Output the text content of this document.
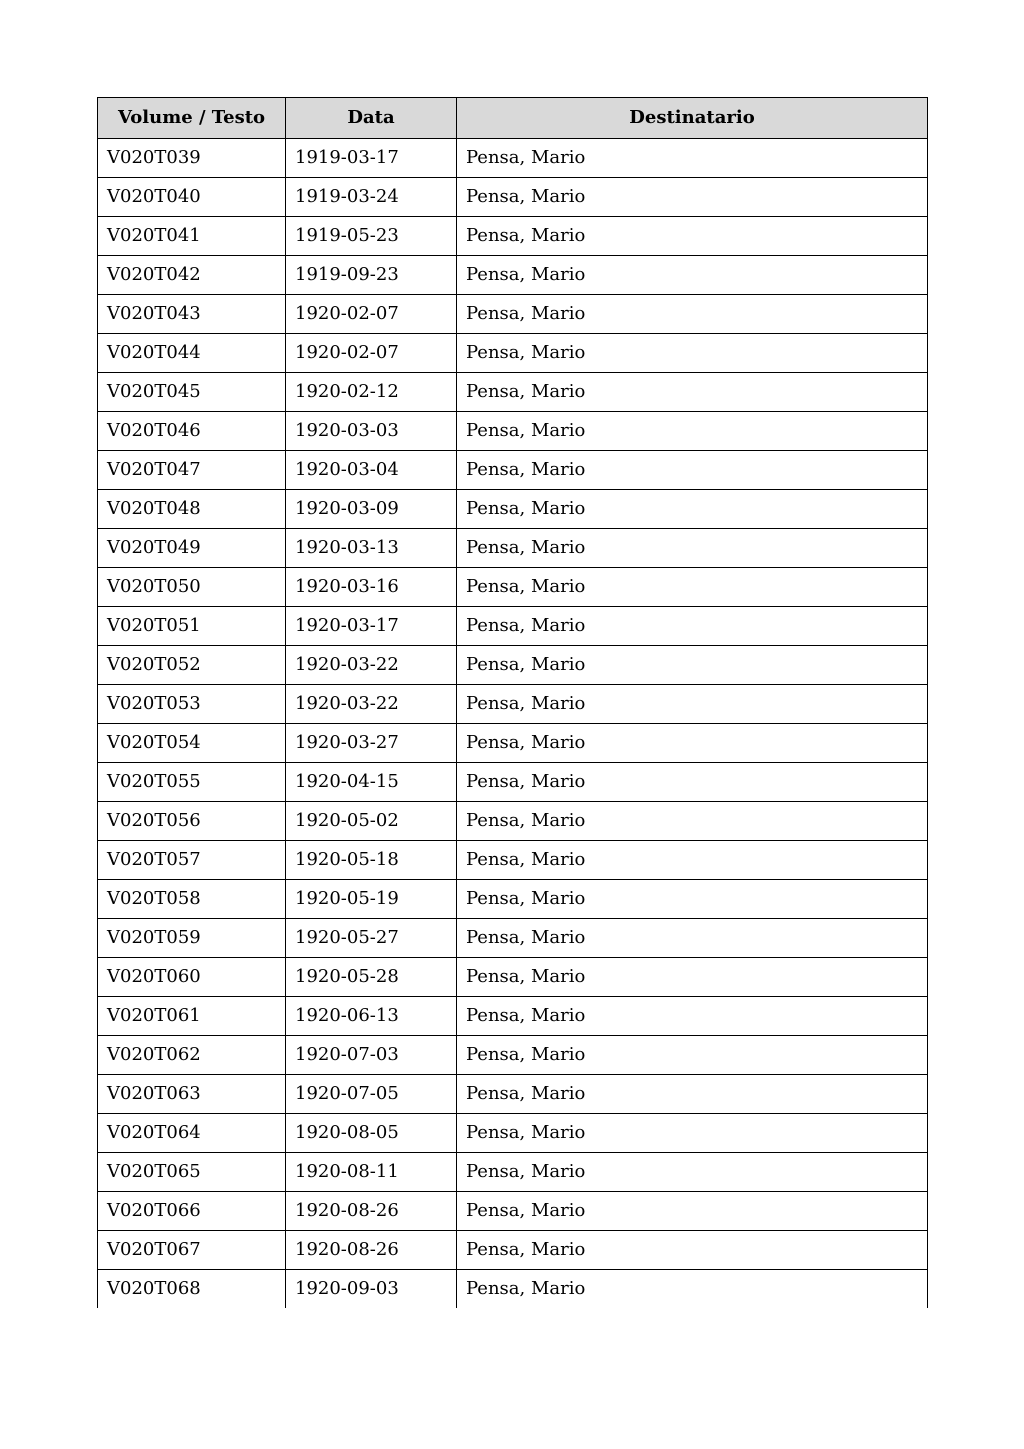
Volume / Testo	Data	Destinatario
V020T039	1919-03-17	Pensa, Mario
V020T040	1919-03-24	Pensa, Mario
V020T041	1919-05-23	Pensa, Mario
V020T042	1919-09-23	Pensa, Mario
V020T043	1920-02-07	Pensa, Mario
V020T044	1920-02-07	Pensa, Mario
V020T045	1920-02-12	Pensa, Mario
V020T046	1920-03-03	Pensa, Mario
V020T047	1920-03-04	Pensa, Mario
V020T048	1920-03-09	Pensa, Mario
V020T049	1920-03-13	Pensa, Mario
V020T050	1920-03-16	Pensa, Mario
V020T051	1920-03-17	Pensa, Mario
V020T052	1920-03-22	Pensa, Mario
V020T053	1920-03-22	Pensa, Mario
V020T054	1920-03-27	Pensa, Mario
V020T055	1920-04-15	Pensa, Mario
V020T056	1920-05-02	Pensa, Mario
V020T057	1920-05-18	Pensa, Mario
V020T058	1920-05-19	Pensa, Mario
V020T059	1920-05-27	Pensa, Mario
V020T060	1920-05-28	Pensa, Mario
V020T061	1920-06-13	Pensa, Mario
V020T062	1920-07-03	Pensa, Mario
V020T063	1920-07-05	Pensa, Mario
V020T064	1920-08-05	Pensa, Mario
V020T065	1920-08-11	Pensa, Mario
V020T066	1920-08-26	Pensa, Mario
V020T067	1920-08-26	Pensa, Mario
V020T068	1920-09-03	Pensa, Mario
